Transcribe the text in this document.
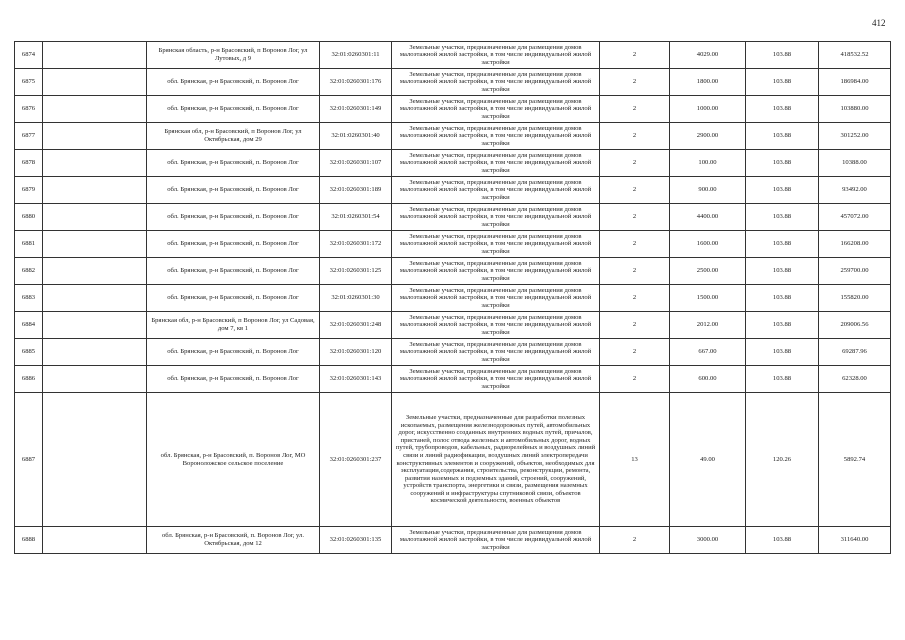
412
6874		Брянская область, р-н Брасовский, п Воронов Лог, ул Лутовых, д 9	32:01:0260301:11	Земельные участки, предназначенные для размещения домов малоэтажной жилой застройки, в том числе индивидуальной жилой застройки	2	4029.00	103.88	418532.52
6875		обл. Брянская, р-н Брасовский, п. Воронов Лог	32:01:0260301:176	Земельные участки, предназначенные для размещения домов малоэтажной жилой застройки, в том числе индивидуальной жилой застройки	2	1800.00	103.88	186984.00
6876		обл. Брянская, р-н Брасовский, п. Воронов Лог	32:01:0260301:149	Земельные участки, предназначенные для размещения домов малоэтажной жилой застройки, в том числе индивидуальной жилой застройки	2	1000.00	103.88	103880.00
6877		Брянская обл, р-н Брасовский, п Воронов Лог, ул Октябрьская, дом 29	32:01:0260301:40	Земельные участки, предназначенные для размещения домов малоэтажной жилой застройки, в том числе индивидуальной жилой застройки	2	2900.00	103.88	301252.00
6878		обл. Брянская, р-н Брасовский, п. Воронов Лог	32:01:0260301:107	Земельные участки, предназначенные для размещения домов малоэтажной жилой застройки, в том числе индивидуальной жилой застройки	2	100.00	103.88	10388.00
6879		обл. Брянская, р-н Брасовский, п. Воронов Лог	32:01:0260301:189	Земельные участки, предназначенные для размещения домов малоэтажной жилой застройки, в том числе индивидуальной жилой застройки	2	900.00	103.88	93492.00
6880		обл. Брянская, р-н Брасовский, п. Воронов Лог	32:01:0260301:54	Земельные участки, предназначенные для размещения домов малоэтажной жилой застройки, в том числе индивидуальной жилой застройки	2	4400.00	103.88	457072.00
6881		обл. Брянская, р-н Брасовский, п. Воронов Лог	32:01:0260301:172	Земельные участки, предназначенные для размещения домов малоэтажной жилой застройки, в том числе индивидуальной жилой застройки	2	1600.00	103.88	166208.00
6882		обл. Брянская, р-н Брасовский, п. Воронов Лог	32:01:0260301:125	Земельные участки, предназначенные для размещения домов малоэтажной жилой застройки, в том числе индивидуальной жилой застройки	2	2500.00	103.88	259700.00
6883		обл. Брянская, р-н Брасовский, п. Воронов Лог	32:01:0260301:30	Земельные участки, предназначенные для размещения домов малоэтажной жилой застройки, в том числе индивидуальной жилой застройки	2	1500.00	103.88	155820.00
6884		Брянская обл, р-н Брасовский, п Воронов Лог, ул Садовая, дом 7, кв 1	32:01:0260301:248	Земельные участки, предназначенные для размещения домов малоэтажной жилой застройки, в том числе индивидуальной жилой застройки	2	2012.00	103.88	209006.56
6885		обл. Брянская, р-н Брасовский, п. Воронов Лог	32:01:0260301:120	Земельные участки, предназначенные для размещения домов малоэтажной жилой застройки, в том числе индивидуальной жилой застройки	2	667.00	103.88	69287.96
6886		обл. Брянская, р-н Брасовский, п. Воронов Лог	32:01:0260301:143	Земельные участки, предназначенные для размещения домов малоэтажной жилой застройки, в том числе индивидуальной жилой застройки	2	600.00	103.88	62328.00
6887		обл. Брянская, р-н Брасовский, п. Воронов Лог, МО Вороноложское сельское поселение	32:01:0260301:237	Земельные участки, предназначенные для разработки полезных ископаемых, размещения железнодорожных путей, автомобильных дорог, искусственно созданных внутренних водных путей, причалов, пристаней, полос отвода железных и автомобильных дорог, водных путей, трубопроводов, кабельных, радиорелейных и воздушных линий связи и линий радиофикации, воздушных линий электропередачи конструктивных элементов и сооружений, объектов, необходимых для эксплуатации,содержания, строительства, реконструкции, ремонта, развития наземных и подземных зданий, строений, сооружений, устройств транспорта, энергетики и связи, размещения наземных сооружений и инфраструктуры спутниковой связи, объектов космической деятельности, военных объектов	13	49.00	120.26	5892.74
6888		обл. Брянская, р-н Брасовский, п. Воронов Лог, ул. Октябрьская, дом 12	32:01:0260301:135	Земельные участки, предназначенные для размещения домов малоэтажной жилой застройки, в том числе индивидуальной жилой застройки	2	3000.00	103.88	311640.00
